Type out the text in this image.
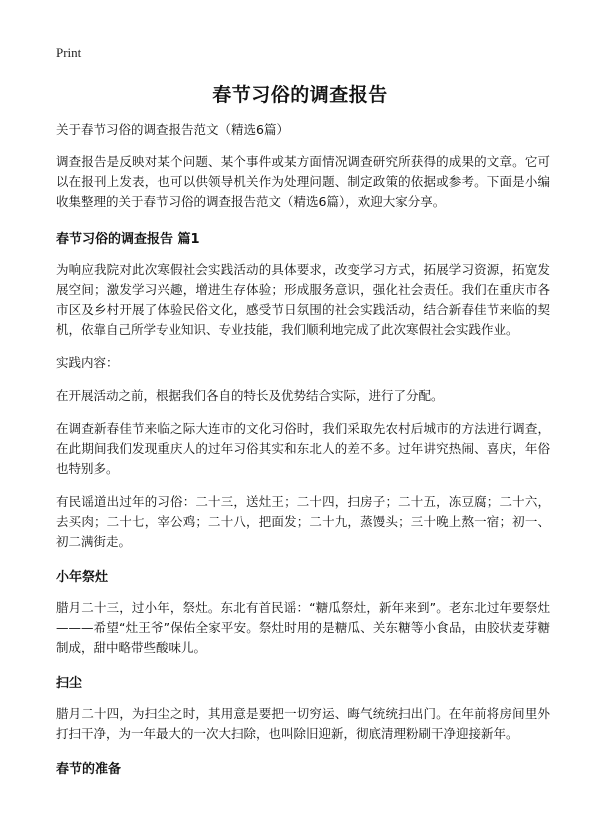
Print
春节习俗的调查报告
关于春节习俗的调查报告范文（精选6篇）

调查报告是反映对某个问题、某个事件或某方面情况调查研究所获得的成果的文章。它可以在报刊上发表，也可以供领导机关作为处理问题、制定政策的依据或参考。下面是小编收集整理的关于春节习俗的调查报告范文（精选6篇），欢迎大家分享。

春节习俗的调查报告 篇1

为响应我院对此次寒假社会实践活动的具体要求，改变学习方式，拓展学习资源，拓宽发展空间；激发学习兴趣，增进生存体验；形成服务意识，强化社会责任。我们在重庆市各市区及乡村开展了体验民俗文化，感受节日氛围的社会实践活动，结合新春佳节来临的契机，依靠自己所学专业知识、专业技能，我们顺利地完成了此次寒假社会实践作业。

实践内容：

在开展活动之前，根据我们各自的特长及优势结合实际，进行了分配。

在调查新春佳节来临之际大连市的文化习俗时，我们采取先农村后城市的方法进行调查，在此期间我们发现重庆人的过年习俗其实和东北人的差不多。过年讲究热闹、喜庆，年俗也特别多。

有民谣道出过年的习俗：二十三，送灶王；二十四，扫房子；二十五，冻豆腐；二十六，去买肉；二十七，宰公鸡；二十八，把面发；二十九，蒸馒头；三十晚上熬一宿；初一、初二满街走。

小年祭灶

腊月二十三，过小年，祭灶。东北有首民谣：“糖瓜祭灶，新年来到”。老东北过年要祭灶———希望“灶王爷”保佑全家平安。祭灶时用的是糖瓜、关东糖等小食品，由胶状麦芽糖制成，甜中略带些酸味儿。

扫尘

腊月二十四，为扫尘之时，其用意是要把一切穷运、晦气统统扫出门。在年前将房间里外打扫干净，为一年最大的一次大扫除，也叫除旧迎新，彻底清理粉刷干净迎接新年。

春节的准备
